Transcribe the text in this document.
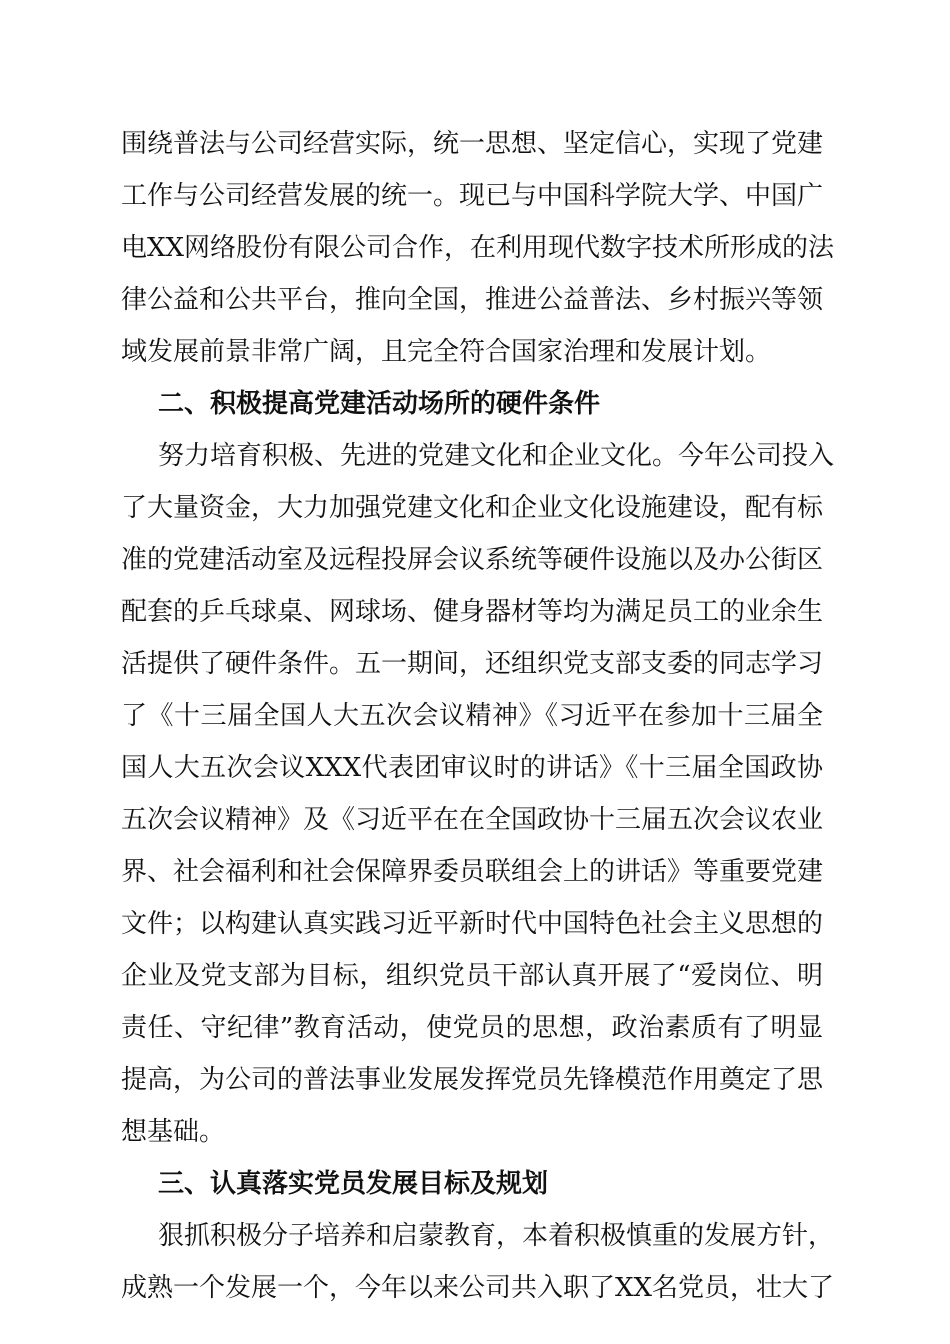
围绕普法与公司经营实际，统一思想、坚定信心，实现了党建
工作与公司经营发展的统一。现已与中国科学院大学、中国广
电XX网络股份有限公司合作，在利用现代数字技术所形成的法
律公益和公共平台，推向全国，推进公益普法、乡村振兴等领
域发展前景非常广阔，且完全符合国家治理和发展计划。
二、积极提高党建活动场所的硬件条件
努力培育积极、先进的党建文化和企业文化。今年公司投入
了大量资金，大力加强党建文化和企业文化设施建设，配有标
准的党建活动室及远程投屏会议系统等硬件设施以及办公街区
配套的乒乓球桌、网球场、健身器材等均为满足员工的业余生
活提供了硬件条件。五一期间，还组织党支部支委的同志学习
了《十三届全国人大五次会议精神》《习近平在参加十三届全
国人大五次会议XXX代表团审议时的讲话》《十三届全国政协
五次会议精神》及《习近平在在全国政协十三届五次会议农业
界、社会福利和社会保障界委员联组会上的讲话》等重要党建
文件；以构建认真实践习近平新时代中国特色社会主义思想的
企业及党支部为目标，组织党员干部认真开展了“爱岗位、明
责任、守纪律”教育活动，使党员的思想，政治素质有了明显
提高，为公司的普法事业发展发挥党员先锋模范作用奠定了思
想基础。
三、认真落实党员发展目标及规划
狠抓积极分子培养和启蒙教育，本着积极慎重的发展方针，
成熟一个发展一个，今年以来公司共入职了XX名党员，壮大了
